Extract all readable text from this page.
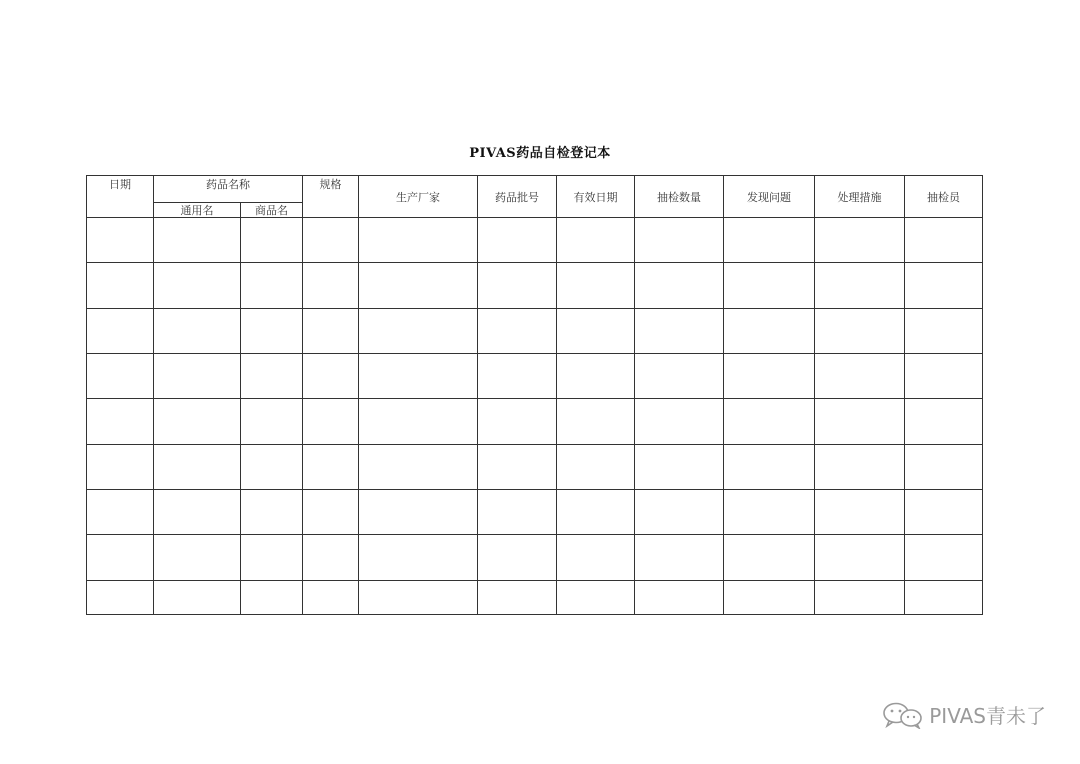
PIVAS药品自检登记本
日期	药品名称		规格	生产厂家	药品批号	有效日期	抽检数量	发现问题	处理措施	抽检员
	通用名	商品名								

PIVAS青未了
